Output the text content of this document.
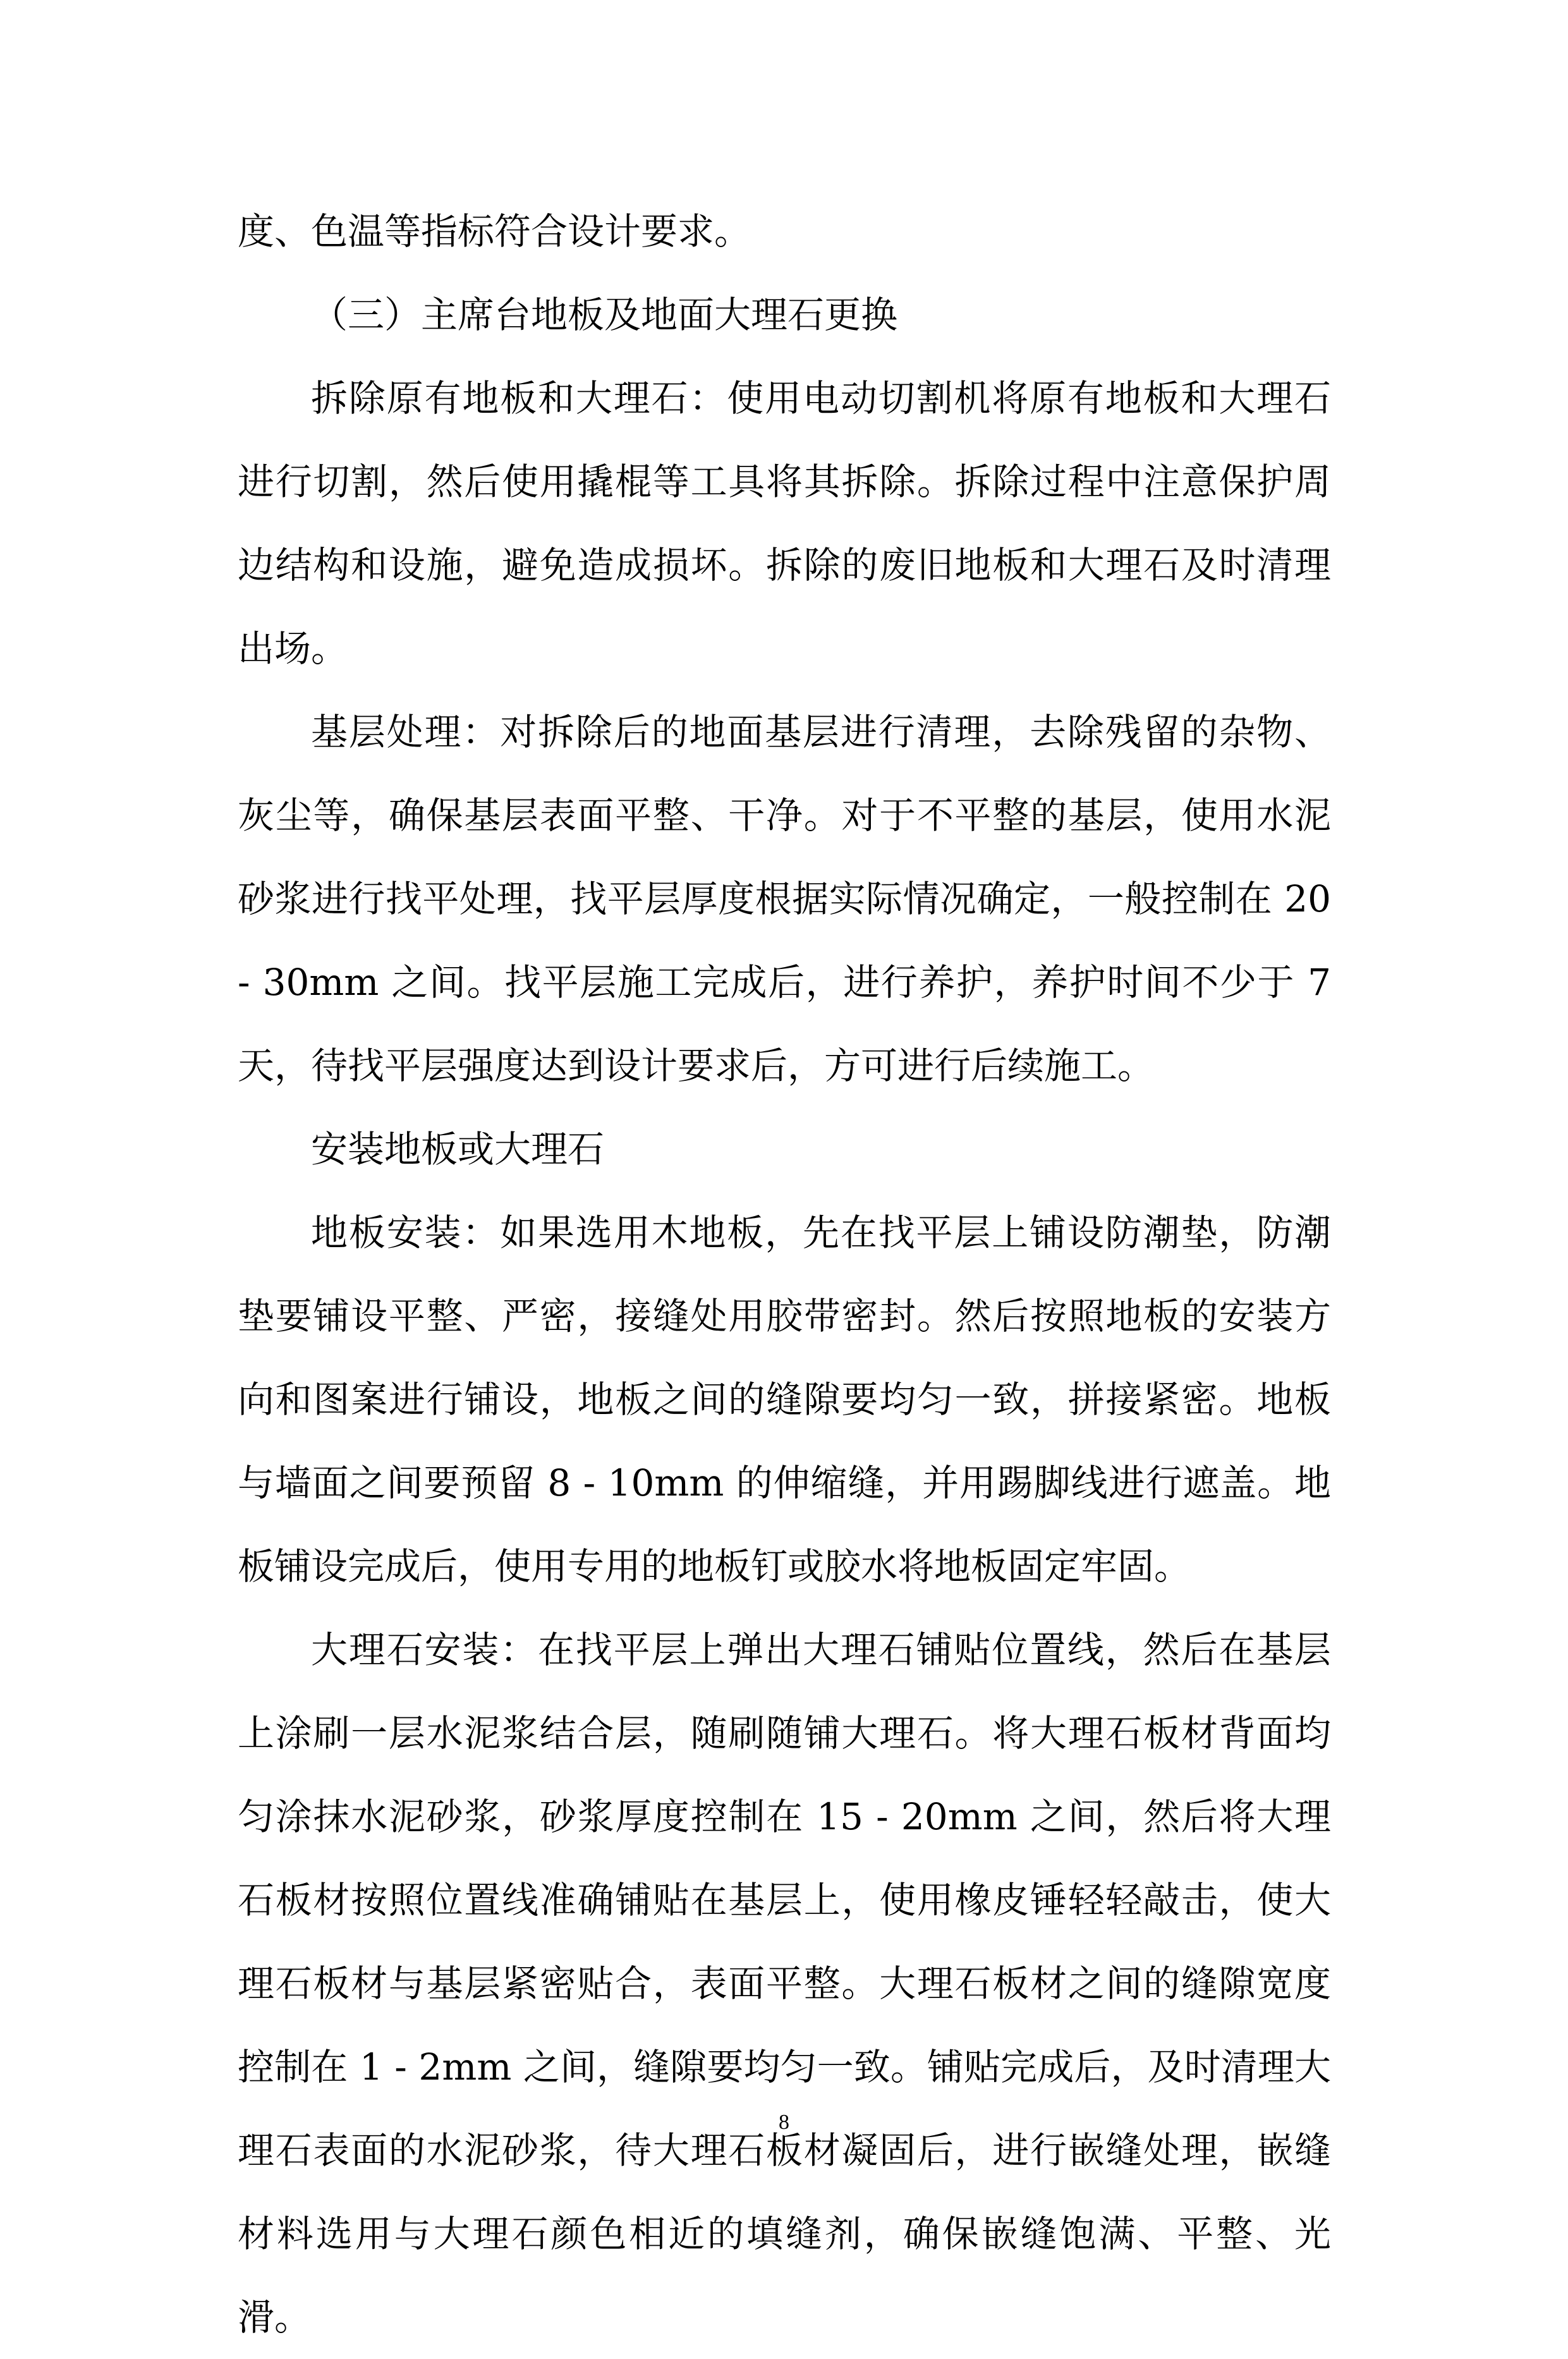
度、色温等指标符合设计要求。

（三）主席台地板及地面大理石更换

拆除原有地板和大理石：使用电动切割机将原有地板和大理石进行切割，然后使用撬棍等工具将其拆除。拆除过程中注意保护周边结构和设施，避免造成损坏。拆除的废旧地板和大理石及时清理出场。

基层处理：对拆除后的地面基层进行清理，去除残留的杂物、灰尘等，确保基层表面平整、干净。对于不平整的基层，使用水泥砂浆进行找平处理，找平层厚度根据实际情况确定，一般控制在 20 - 30mm 之间。找平层施工完成后，进行养护，养护时间不少于 7 天，待找平层强度达到设计要求后，方可进行后续施工。

安装地板或大理石

地板安装：如果选用木地板，先在找平层上铺设防潮垫，防潮垫要铺设平整、严密，接缝处用胶带密封。然后按照地板的安装方向和图案进行铺设，地板之间的缝隙要均匀一致，拼接紧密。地板与墙面之间要预留 8 - 10mm 的伸缩缝，并用踢脚线进行遮盖。地板铺设完成后，使用专用的地板钉或胶水将地板固定牢固。

大理石安装：在找平层上弹出大理石铺贴位置线，然后在基层上涂刷一层水泥浆结合层，随刷随铺大理石。将大理石板材背面均匀涂抹水泥砂浆，砂浆厚度控制在 15 - 20mm 之间，然后将大理石板材按照位置线准确铺贴在基层上，使用橡皮锤轻轻敲击，使大理石板材与基层紧密贴合，表面平整。大理石板材之间的缝隙宽度控制在 1 - 2mm 之间，缝隙要均匀一致。铺贴完成后，及时清理大理石表面的水泥砂浆，待大理石板材凝固后，进行嵌缝处理，嵌缝材料选用与大理石颜色相近的填缝剂，确保嵌缝饱满、平整、光滑。

8
